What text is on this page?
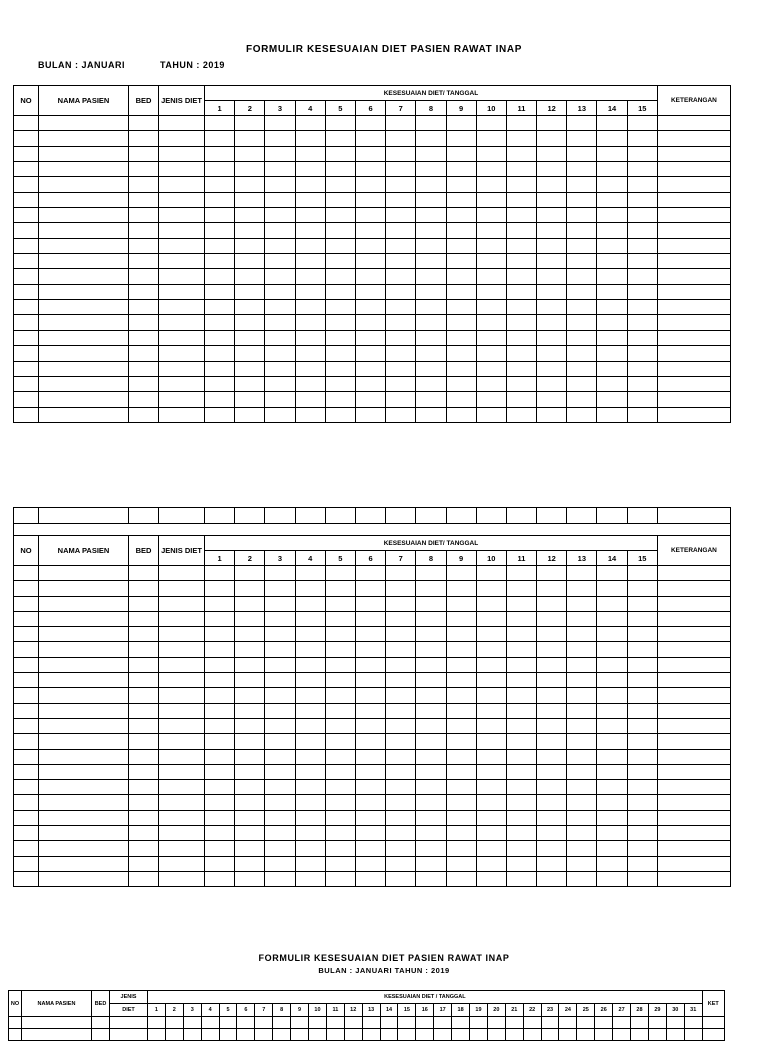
FORMULIR KESESUAIAN DIET PASIEN RAWAT INAP
BULAN : JANUARI	TAHUN : 2019
NO	NAMA PASIEN	BED	JENIS DIET	KESESUAIAN DIET/ TANGGAL															KETERANGAN
				1	2	3	4	5	6	7	8	9	10	11	12	13	14	15	

NO	NAMA PASIEN	BED	JENIS DIET	KESESUAIAN DIET/ TANGGAL															KETERANGAN
				1	2	3	4	5	6	7	8	9	10	11	12	13	14	15	

FORMULIR KESESUAIAN DIET PASIEN RAWAT INAP
BULAN : JANUARI TAHUN : 2019
NO	NAMA PASIEN	BED	JENIS	KESESUAIAN DIET / TANGGAL																															KET
			DIET	1	2	3	4	5	6	7	8	9	10	11	12	13	14	15	16	17	18	19	20	21	22	23	24	25	26	27	28	29	30	31	
